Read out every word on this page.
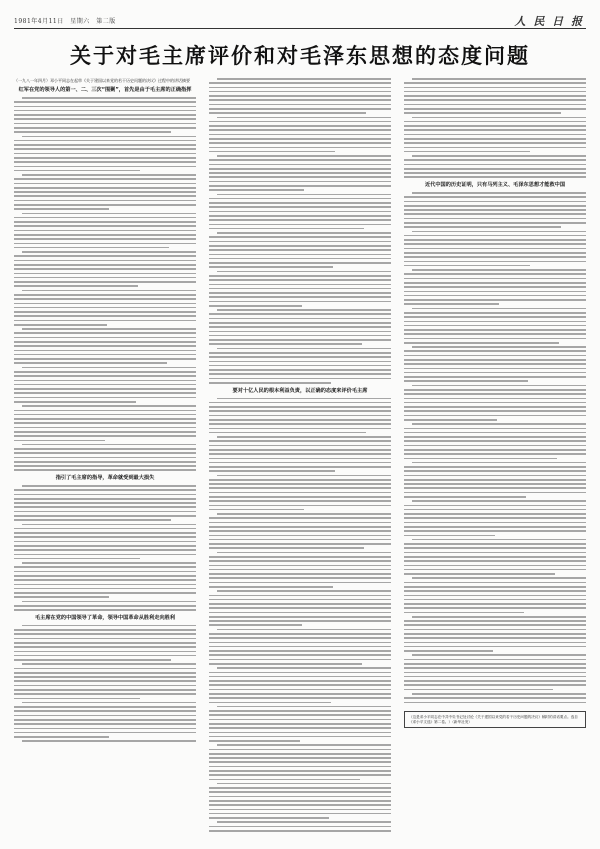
1981年4月11日　星期六　第二版	人 民 日 报
关于对毛主席评价和对毛泽东思想的态度问题

（一九八一年四月）邓小平同志在起草《关于建国以来党的若干历史问题的决议》过程中的讲话摘要

红军在党的领导人的第一、二、三次“围剿”，首先是由于毛主席的正确指挥
指引了毛主席的指导，革命就受到最大损失
毛主席在党的中国领导了革命，领导中国革命从胜利走向胜利
要对十亿人民的根本利益负责，以正确的态度来评价毛主席
近代中国的历史证明，只有马列主义、毛泽东思想才能救中国
（这是邓小平同志在中共中央书记处讨论《关于建国以来党的若干历史问题的决议》稿时的讲话要点。选自《邓小平文选》第二卷。）（新华社发）
